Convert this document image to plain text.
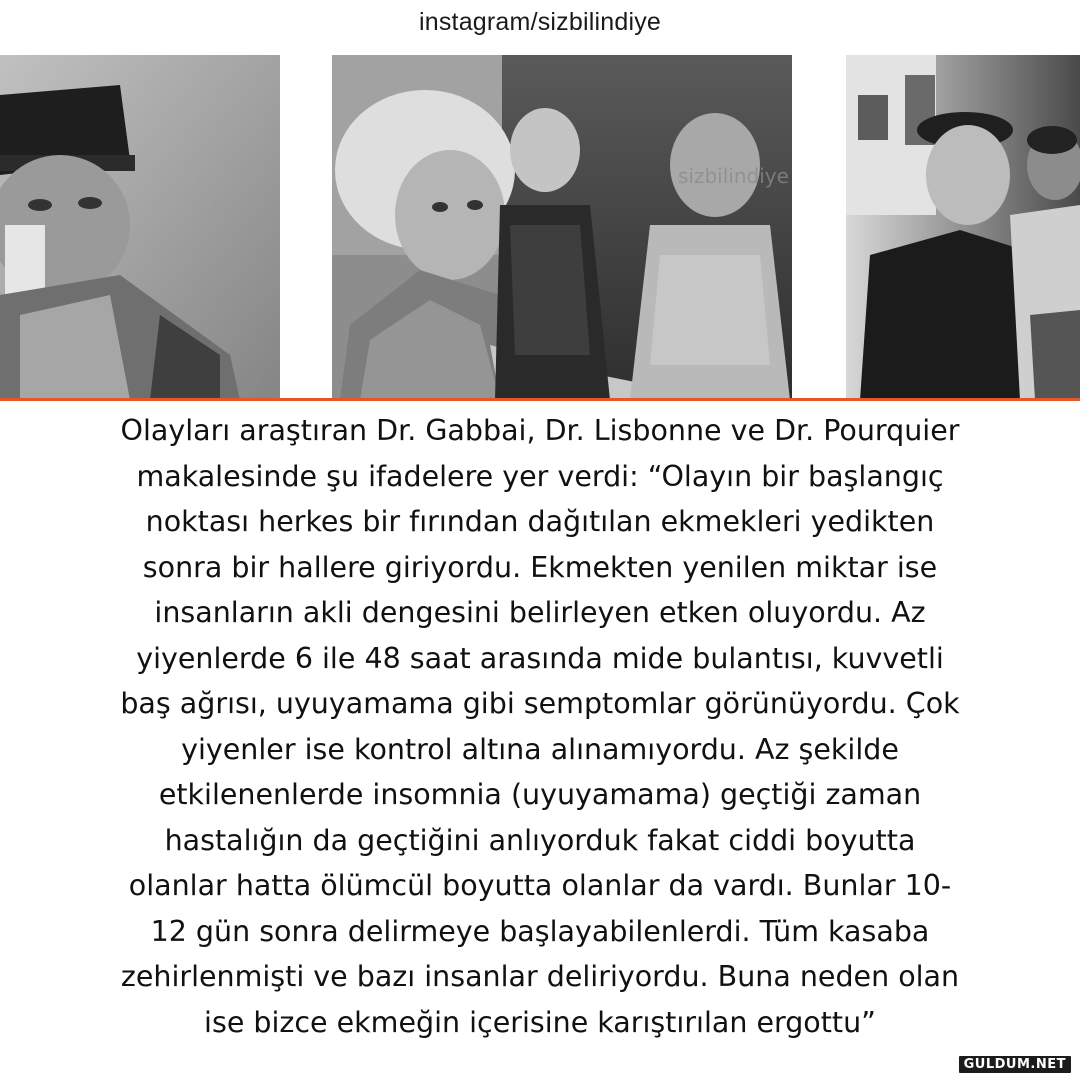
instagram/sizbilindiye
sizbilindiye
Olayları araştıran Dr. Gabbai, Dr. Lisbonne ve Dr. Pourquier
makalesinde şu ifadelere yer verdi: “Olayın bir başlangıç
noktası herkes bir fırından dağıtılan ekmekleri yedikten
sonra bir hallere giriyordu. Ekmekten yenilen miktar ise
insanların akli dengesini belirleyen etken oluyordu. Az
yiyenlerde 6 ile 48 saat arasında mide bulantısı, kuvvetli
baş ağrısı, uyuyamama gibi semptomlar görünüyordu. Çok
yiyenler ise kontrol altına alınamıyordu. Az şekilde
etkilenenlerde insomnia (uyuyamama) geçtiği zaman
hastalığın da geçtiğini anlıyorduk fakat ciddi boyutta
olanlar hatta ölümcül boyutta olanlar da vardı. Bunlar 10-
12 gün sonra delirmeye başlayabilenlerdi. Tüm kasaba
zehirlenmişti ve bazı insanlar deliriyordu. Buna neden olan
ise bizce ekmeğin içerisine karıştırılan ergottu”
GULDUM.NET
